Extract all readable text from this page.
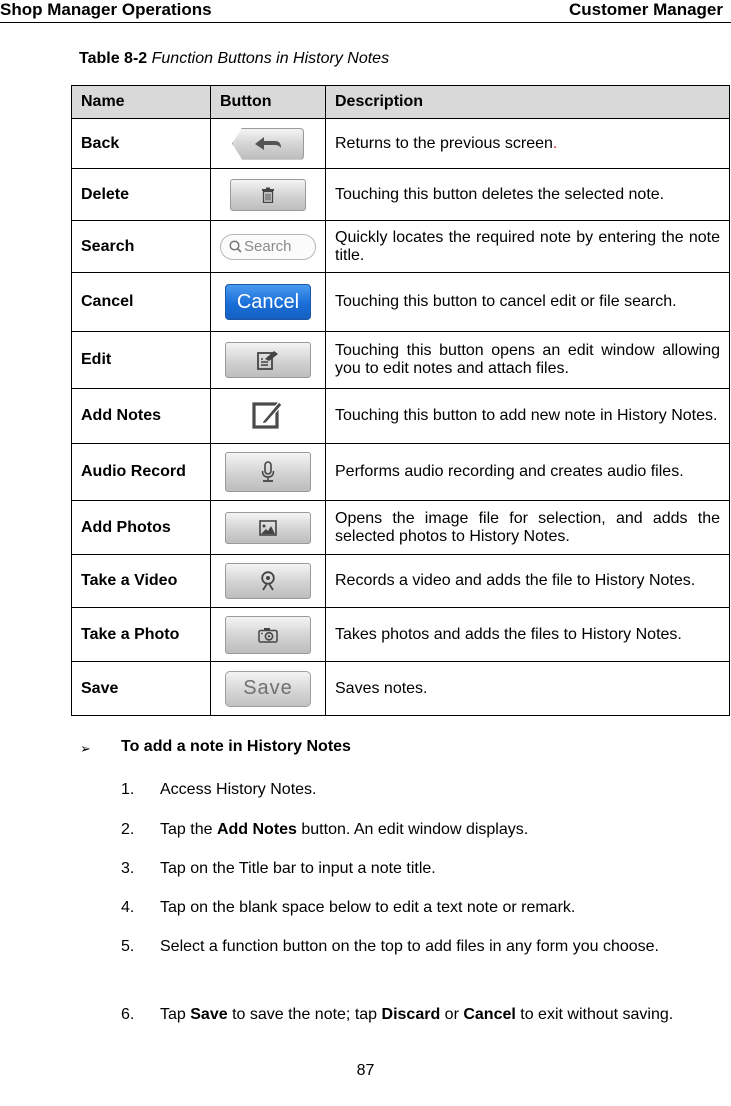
Shop Manager Operations	Customer Manager
Table 8-2 Function Buttons in History Notes
Name	Button	Description
Back		Returns to the previous screen.
Delete		Touching this button deletes the selected note.
Search	Search	Quickly locates the required note by entering the note title.
Cancel	Cancel	Touching this button to cancel edit or file search.
Edit		Touching this button opens an edit window allowing you to edit notes and attach files.
Add Notes		Touching this button to add new note in History Notes.
Audio Record		Performs audio recording and creates audio files.
Add Photos		Opens the image file for selection, and adds the selected photos to History Notes.
Take a Video		Records a video and adds the file to History Notes.
Take a Photo		Takes photos and adds the files to History Notes.
Save	Save	Saves notes.
➢ To add a note in History Notes
1. Access History Notes.
2. Tap the Add Notes button. An edit window displays.
3. Tap on the Title bar to input a note title.
4. Tap on the blank space below to edit a text note or remark.
5. Select a function button on the top to add files in any form you choose.
6. Tap Save to save the note; tap Discard or Cancel to exit without saving.
87
